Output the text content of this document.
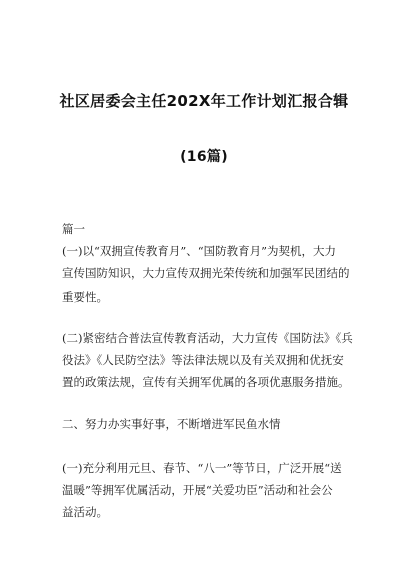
社区居委会主任202X年工作计划汇报合辑
(16篇)
篇一
(一)以“双拥宣传教育月”、“国防教育月”为契机，大力
宣传国防知识，大力宣传双拥光荣传统和加强军民团结的
重要性。
(二)紧密结合普法宣传教育活动，大力宣传《国防法》《兵
役法》《人民防空法》等法律法规以及有关双拥和优抚安
置的政策法规，宣传有关拥军优属的各项优惠服务措施。
二、努力办实事好事，不断增进军民鱼水情
(一)充分利用元旦、春节、“八一”等节日，广泛开展“送
温暖”等拥军优属活动，开展“关爱功臣”活动和社会公
益活动。
